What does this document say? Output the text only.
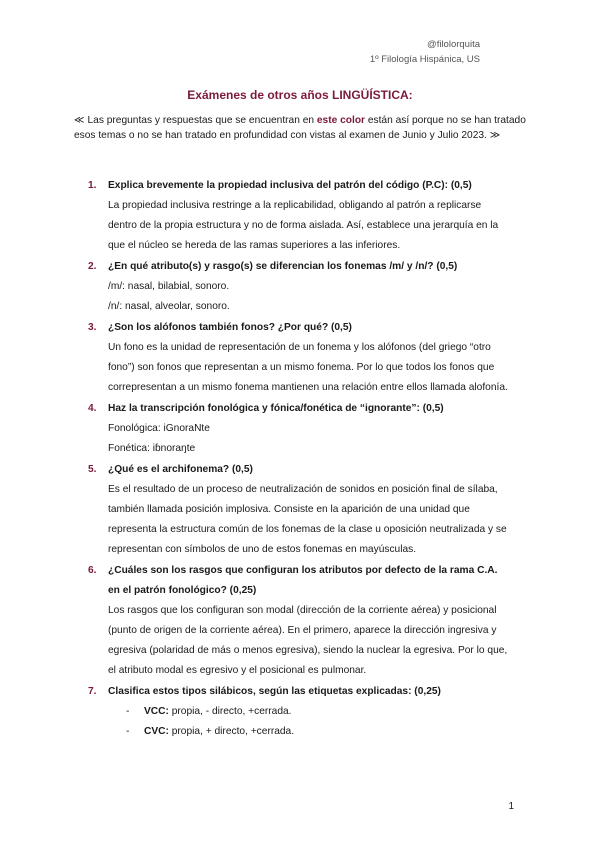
@filolorquita
1º Filología Hispánica, US
Exámenes de otros años LINGÜÍSTICA:
≪ Las preguntas y respuestas que se encuentran en este color están así porque no se han tratado esos temas o no se han tratado en profundidad con vistas al examen de Junio y Julio 2023. ≫
1. Explica brevemente la propiedad inclusiva del patrón del código (P.C): (0,5)
La propiedad inclusiva restringe a la replicabilidad, obligando al patrón a replicarse dentro de la propia estructura y no de forma aislada. Así, establece una jerarquía en la que el núcleo se hereda de las ramas superiores a las inferiores.
2. ¿En qué atributo(s) y rasgo(s) se diferencian los fonemas /m/ y /n/? (0,5)
/m/: nasal, bilabial, sonoro.
/n/: nasal, alveolar, sonoro.
3. ¿Son los alófonos también fonos? ¿Por qué? (0,5)
Un fono es la unidad de representación de un fonema y los alófonos (del griego “otro fono”) son fonos que representan a un mismo fonema. Por lo que todos los fonos que correpresentan a un mismo fonema mantienen una relación entre ellos llamada alofonía.
4. Haz la transcripción fonológica y fónica/fonética de “ignorante”: (0,5)
Fonológica: iGnoraNte
Fonética: iɓnoraŋte
5. ¿Qué es el archifonema? (0,5)
Es el resultado de un proceso de neutralización de sonidos en posición final de sílaba, también llamada posición implosiva. Consiste en la aparición de una unidad que representa la estructura común de los fonemas de la clase u oposición neutralizada y se representan con símbolos de uno de estos fonemas en mayúsculas.
6. ¿Cuáles son los rasgos que configuran los atributos por defecto de la rama C.A. en el patrón fonológico? (0,25)
Los rasgos que los configuran son modal (dirección de la corriente aérea) y posicional (punto de origen de la corriente aérea). En el primero, aparece la dirección ingresiva y egresiva (polaridad de más o menos egresiva), siendo la nuclear la egresiva. Por lo que, el atributo modal es egresivo y el posicional es pulmonar.
7. Clasifica estos tipos silábicos, según las etiquetas explicadas: (0,25)
- VCC: propia, - directo, +cerrada.
- CVC: propia, + directo, +cerrada.
1
